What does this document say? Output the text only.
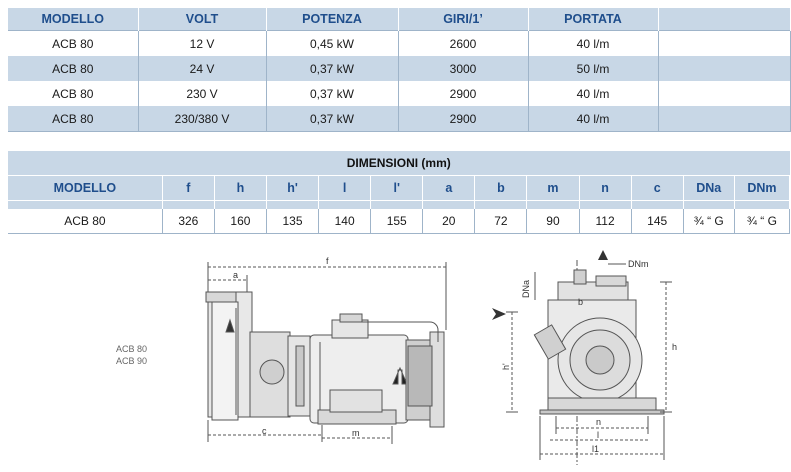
MODELLO	VOLT	POTENZA	GIRI/1’	PORTATA	
ACB 80	12 V	0,45 kW	2600	40 l/m	
ACB 80	24 V	0,37 kW	3000	50 l/m	
ACB 80	230 V	0,37 kW	2900	40 l/m	
ACB 80	230/380 V	0,37 kW	2900	40 l/m	
DIMENSIONI (mm)												
MODELLO	f	h	h'	l	l'	a	b	m	n	c	DNa	DNm

ACB 80	326	160	135	140	155	20	72	90	112	145	¾ “ G	¾ “ G
ACB 80
ACB 90
a
f
c	m
DNm
DNa
b
h
h'
n
l
l1
